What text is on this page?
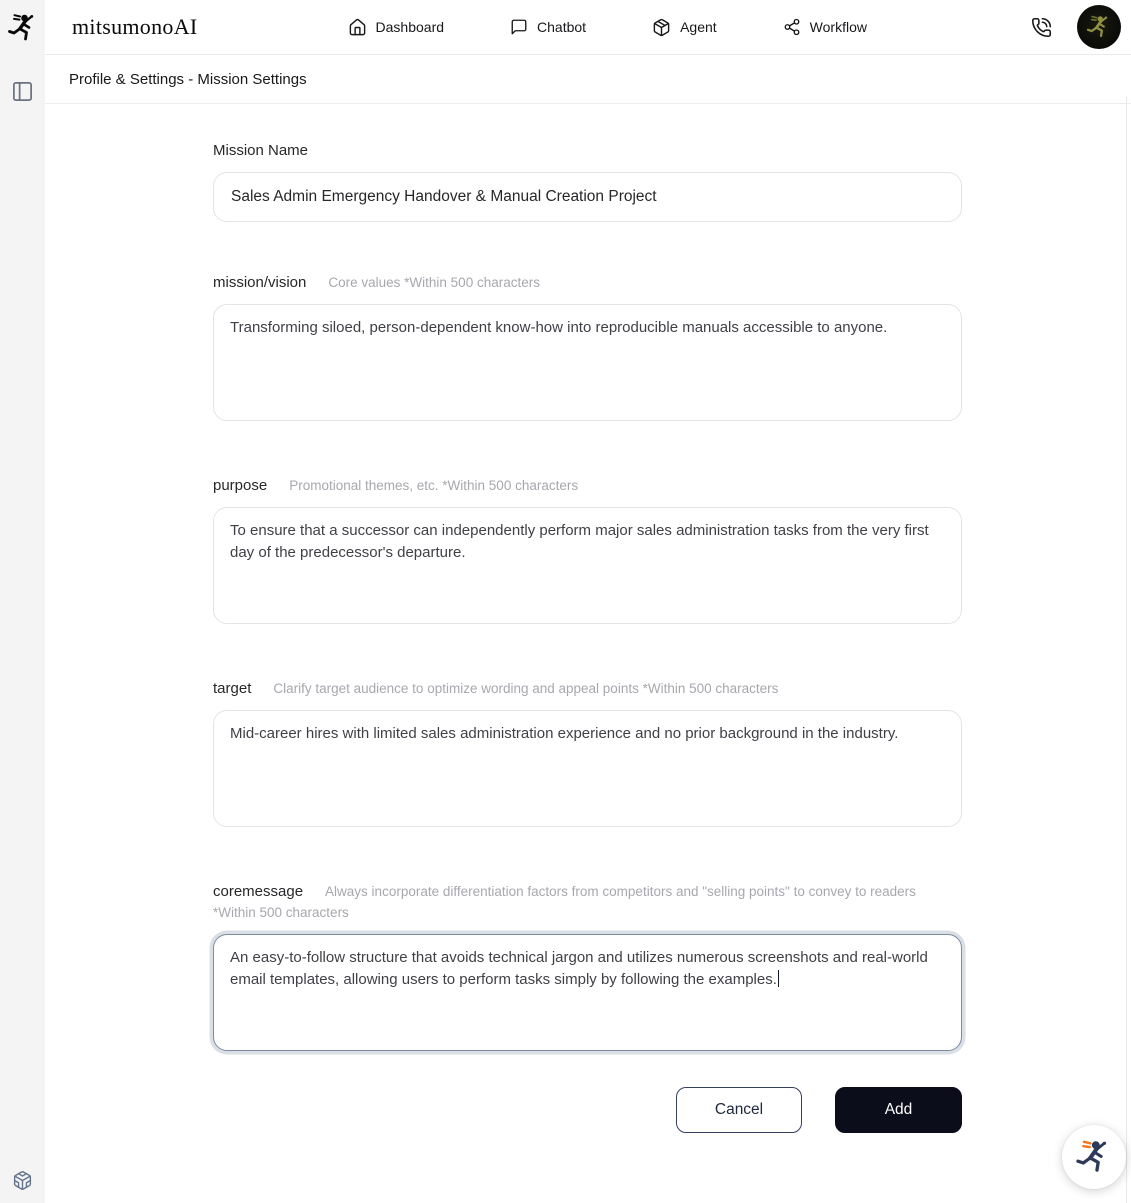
mitsumonoAI	Dashboard	Chatbot	Agent	Workflow
Profile & Settings - Mission Settings
Mission Name
Sales Admin Emergency Handover & Manual Creation Project
mission/vision Core values *Within 500 characters
Transforming siloed, person-dependent know-how into reproducible manuals accessible to anyone.
purpose Promotional themes, etc. *Within 500 characters
To ensure that a successor can independently perform major sales administration tasks from the very first day of the predecessor's departure.
target Clarify target audience to optimize wording and appeal points *Within 500 characters
Mid-career hires with limited sales administration experience and no prior background in the industry.
coremessage Always incorporate differentiation factors from competitors and "selling points" to convey to readers *Within 500 characters
An easy-to-follow structure that avoids technical jargon and utilizes numerous screenshots and real-world email templates, allowing users to perform tasks simply by following the examples.
Cancel	Add
